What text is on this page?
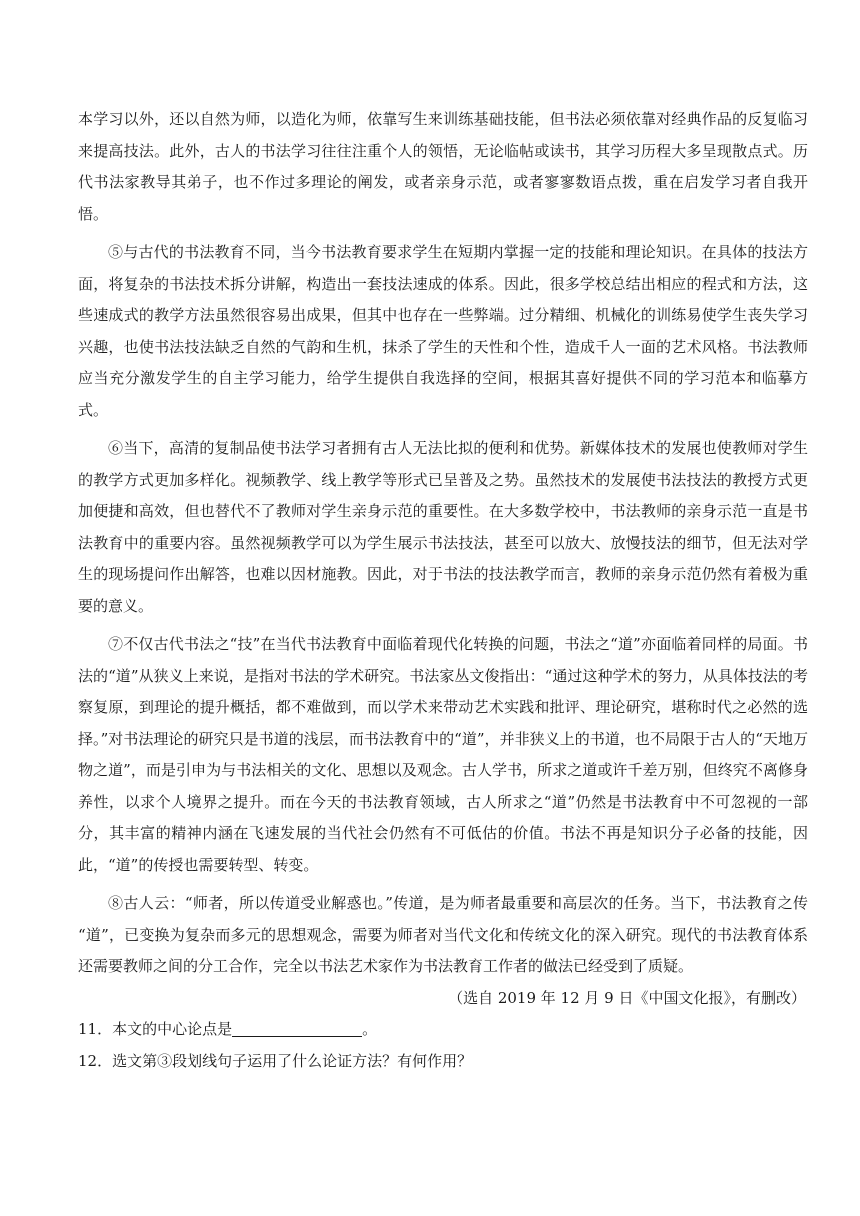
本学习以外，还以自然为师，以造化为师，依靠写生来训练基础技能，但书法必须依靠对经典作品的反复临习来提高技法。此外，古人的书法学习往往注重个人的领悟，无论临帖或读书，其学习历程大多呈现散点式。历代书法家教导其弟子，也不作过多理论的阐发，或者亲身示范，或者寥寥数语点拨，重在启发学习者自我开悟。

⑤与古代的书法教育不同，当今书法教育要求学生在短期内掌握一定的技能和理论知识。在具体的技法方面，将复杂的书法技术拆分讲解，构造出一套技法速成的体系。因此，很多学校总结出相应的程式和方法，这些速成式的教学方法虽然很容易出成果，但其中也存在一些弊端。过分精细、机械化的训练易使学生丧失学习兴趣，也使书法技法缺乏自然的气韵和生机，抹杀了学生的天性和个性，造成千人一面的艺术风格。书法教师应当充分激发学生的自主学习能力，给学生提供自我选择的空间，根据其喜好提供不同的学习范本和临摹方式。

⑥当下，高清的复制品使书法学习者拥有古人无法比拟的便利和优势。新媒体技术的发展也使教师对学生的教学方式更加多样化。视频教学、线上教学等形式已呈普及之势。虽然技术的发展使书法技法的教授方式更加便捷和高效，但也替代不了教师对学生亲身示范的重要性。在大多数学校中，书法教师的亲身示范一直是书法教育中的重要内容。虽然视频教学可以为学生展示书法技法，甚至可以放大、放慢技法的细节，但无法对学生的现场提问作出解答，也难以因材施教。因此，对于书法的技法教学而言，教师的亲身示范仍然有着极为重要的意义。

⑦不仅古代书法之“技”在当代书法教育中面临着现代化转换的问题，书法之“道”亦面临着同样的局面。书法的“道”从狭义上来说，是指对书法的学术研究。书法家丛文俊指出：“通过这种学术的努力，从具体技法的考察复原，到理论的提升概括，都不难做到，而以学术来带动艺术实践和批评、理论研究，堪称时代之必然的选择。”对书法理论的研究只是书道的浅层，而书法教育中的“道”，并非狭义上的书道，也不局限于古人的“天地万物之道”，而是引申为与书法相关的文化、思想以及观念。古人学书，所求之道或许千差万别，但终究不离修身养性，以求个人境界之提升。而在今天的书法教育领域，古人所求之“道”仍然是书法教育中不可忽视的一部分，其丰富的精神内涵在飞速发展的当代社会仍然有不可低估的价值。书法不再是知识分子必备的技能，因此，“道”的传授也需要转型、转变。

⑧古人云：“师者，所以传道受业解惑也。”传道，是为师者最重要和高层次的任务。当下，书法教育之传 “道”，已变换为复杂而多元的思想观念，需要为师者对当代文化和传统文化的深入研究。现代的书法教育体系还需要教师之间的分工合作，完全以书法艺术家作为书法教育工作者的做法已经受到了质疑。

（选自 2019 年 12 月 9 日《中国文化报》，有删改）

11．本文的中心论点是	。

12．选文第③段划线句子运用了什么论证方法？有何作用？
